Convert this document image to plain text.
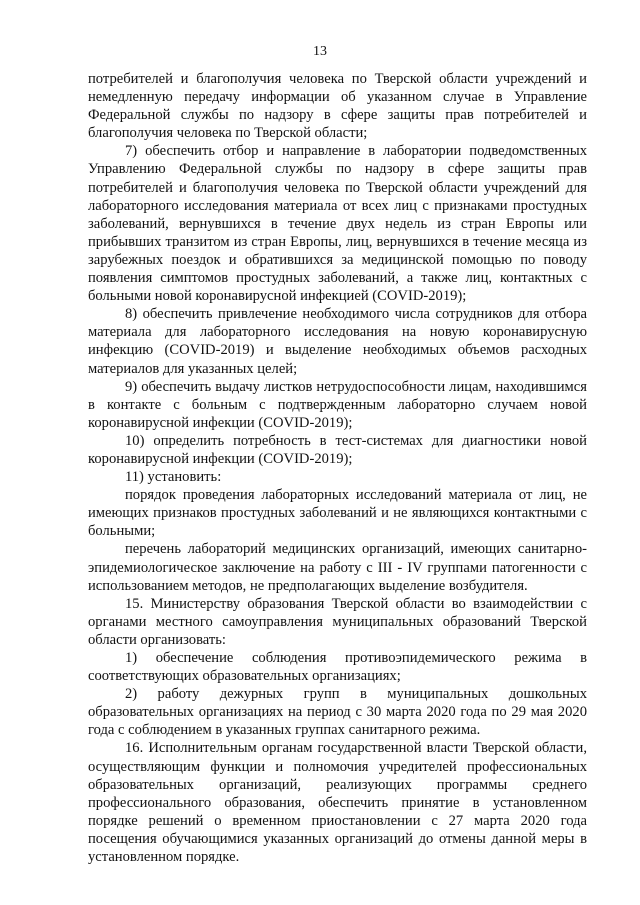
13

потребителей и благополучия человека по Тверской области учреждений и немедленную передачу информации об указанном случае в Управление Федеральной службы по надзору в сфере защиты прав потребителей и благополучия человека по Тверской области;

7) обеспечить отбор и направление в лаборатории подведомственных Управлению Федеральной службы по надзору в сфере защиты прав потребителей и благополучия человека по Тверской области учреждений для лабораторного исследования материала от всех лиц с признаками простудных заболеваний, вернувшихся в течение двух недель из стран Европы или прибывших транзитом из стран Европы, лиц, вернувшихся в течение месяца из зарубежных поездок и обратившихся за медицинской помощью по поводу появления симптомов простудных заболеваний, а также лиц, контактных с больными новой коронавирусной инфекцией (COVID-2019);

8) обеспечить привлечение необходимого числа сотрудников для отбора материала для лабораторного исследования на новую коронавирусную инфекцию (COVID-2019) и выделение необходимых объемов расходных материалов для указанных целей;

9) обеспечить выдачу листков нетрудоспособности лицам, находившимся в контакте с больным с подтвержденным лабораторно случаем новой коронавирусной инфекции (COVID-2019);

10) определить потребность в тест-системах для диагностики новой коронавирусной инфекции (COVID-2019);

11) установить:

порядок проведения лабораторных исследований материала от лиц, не имеющих признаков простудных заболеваний и не являющихся контактными с больными;

перечень лабораторий медицинских организаций, имеющих санитарно-эпидемиологическое заключение на работу с III - IV группами патогенности с использованием методов, не предполагающих выделение возбудителя.

15. Министерству образования Тверской области во взаимодействии с органами местного самоуправления муниципальных образований Тверской области организовать:

1) обеспечение соблюдения противоэпидемического режима в соответствующих образовательных организациях;

2) работу дежурных групп в муниципальных дошкольных образовательных организациях на период с 30 марта 2020 года по 29 мая 2020 года с соблюдением в указанных группах санитарного режима.

16. Исполнительным органам государственной власти Тверской области, осуществляющим функции и полномочия учредителей профессиональных образовательных организаций, реализующих программы среднего профессионального образования, обеспечить принятие в установленном порядке решений о временном приостановлении с 27 марта 2020 года посещения обучающимися указанных организаций до отмены данной меры в установленном порядке.
